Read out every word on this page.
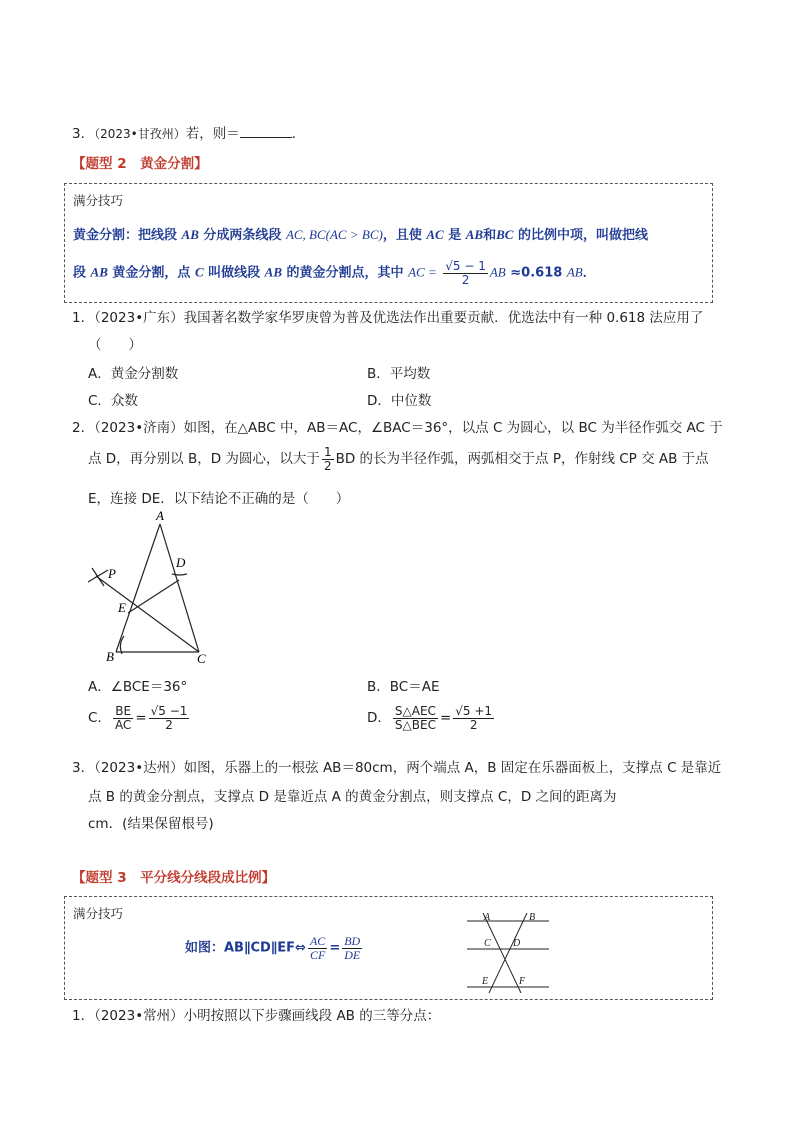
3．（2023•甘孜州）若，则＝	．
【题型 2　黄金分割】
满分技巧
黄金分割：把线段 AB 分成两条线段 AC, BC(AC > BC)，且使 AC 是 AB和BC 的比例中项，叫做把线
段 AB 黄金分割，点 C 叫做线段 AB 的黄金分割点，其中 AC = $\frac{√5 - 1}{2}$ AB ≈0.618 AB．
1．（2023•广东）我国著名数学家华罗庚曾为普及优选法作出重要贡献．优选法中有一种 0.618 法应用了
（　　）
A．黄金分割数	B．平均数
C．众数	D．中位数
2．（2023•济南）如图，在△ABC 中，AB＝AC，∠BAC＝36°，以点 C 为圆心，以 BC 为半径作弧交 AC 于
点 D，再分别以 B，D 为圆心，以大于 $\frac{1}{2}$ BD 的长为半径作弧，两弧相交于点 P，作射线 CP 交 AB 于点
E，连接 DE．以下结论不正确的是（　　）
A
B	C
D
E
P
A．∠BCE＝36°	B．BC＝AE
C． $\frac{BE}{AC} = \frac{√5 -1}{2}$	D． $\frac{\text{S△AEC}}{\text{S△BEC}} = \frac{√5 +1}{2}$
3．（2023•达州）如图，乐器上的一根弦 AB＝80cm，两个端点 A，B 固定在乐器面板上，支撑点 C 是靠近
点 B 的黄金分割点，支撑点 D 是靠近点 A 的黄金分割点，则支撑点 C，D 之间的距离为
cm．(结果保留根号)
【题型 3　平分线分线段成比例】
满分技巧
如图：AB∥CD∥EF⇔ $\frac{AC}{CF} = \frac{BD}{DE}$
A	B
C D
E	F
1．（2023•常州）小明按照以下步骤画线段 AB 的三等分点：
